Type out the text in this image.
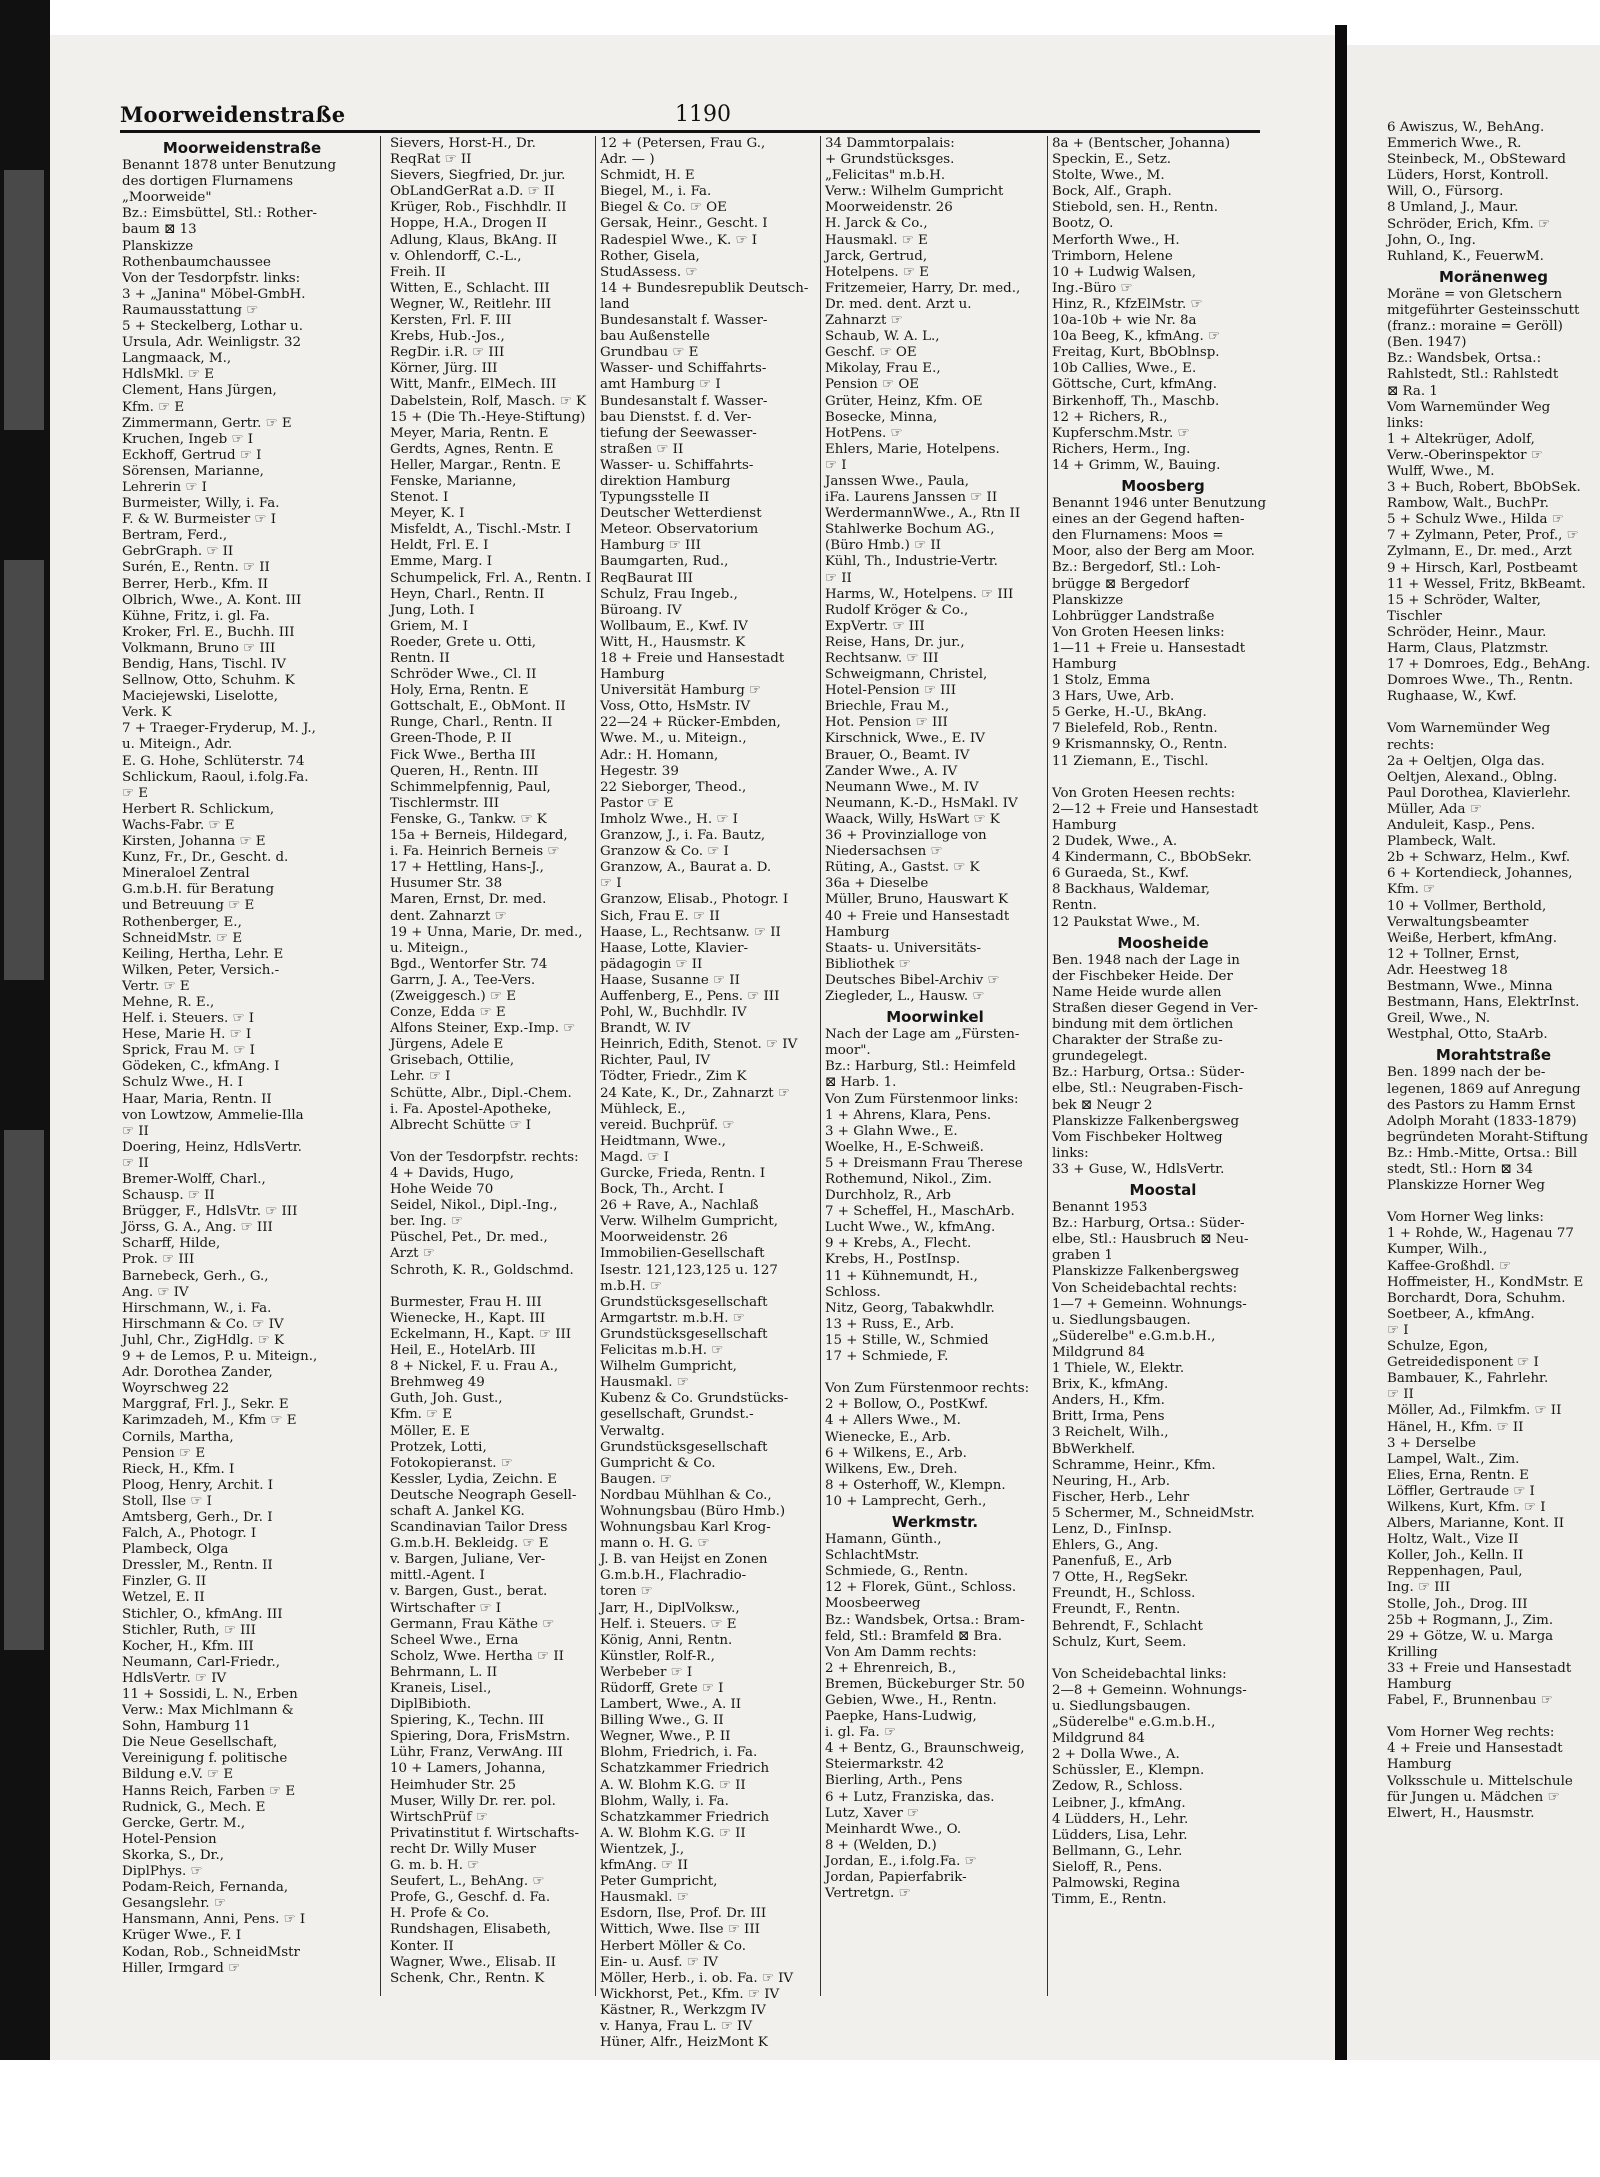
Moorweidenstraße	1190
Moorweidenstraße
Benannt 1878 unter Benutzung
des dortigen Flurnamens
„Moorweide"
Bz.: Eimsbüttel, Stl.: Rother-
baum ⊠ 13
Planskizze
Rothenbaumchaussee
Von der Tesdorpfstr. links:
3 + „Janina" Möbel-GmbH.
Raumausstattung ☞
5 + Steckelberg, Lothar u.
Ursula, Adr. Weinligstr. 32
Langmaack, M.,
HdlsMkl. ☞ E
Clement, Hans Jürgen,
Kfm. ☞ E
Zimmermann, Gertr. ☞ E
Kruchen, Ingeb ☞ I
Eckhoff, Gertrud ☞ I
Sörensen, Marianne,
Lehrerin ☞ I
Burmeister, Willy, i. Fa.
F. & W. Burmeister ☞ I
Bertram, Ferd.,
GebrGraph. ☞ II
Surén, E., Rentn. ☞ II
Berrer, Herb., Kfm. II
Olbrich, Wwe., A. Kont. III
Kühne, Fritz, i. gl. Fa.
Kroker, Frl. E., Buchh. III
Volkmann, Bruno ☞ III
Bendig, Hans, Tischl. IV
Sellnow, Otto, Schuhm. K
Maciejewski, Liselotte,
Verk. K
7 + Traeger-Fryderup, M. J.,
u. Miteign., Adr.
E. G. Hohe, Schlüterstr. 74
Schlickum, Raoul, i.folg.Fa.
☞ E
Herbert R. Schlickum,
Wachs-Fabr. ☞ E
Kirsten, Johanna ☞ E
Kunz, Fr., Dr., Gescht. d.
Mineraloel Zentral
G.m.b.H. für Beratung
und Betreuung ☞ E
Rothenberger, E.,
SchneidMstr. ☞ E
Keiling, Hertha, Lehr. E
Wilken, Peter, Versich.-
Vertr. ☞ E
Mehne, R. E.,
Helf. i. Steuers. ☞ I
Hese, Marie H. ☞ I
Sprick, Frau M. ☞ I
Gödeken, C., kfmAng. I
Schulz Wwe., H. I
Haar, Maria, Rentn. II
von Lowtzow, Ammelie-Illa
☞ II
Doering, Heinz, HdlsVertr.
☞ II
Bremer-Wolff, Charl.,
Schausp. ☞ II
Brügger, F., HdlsVtr. ☞ III
Jörss, G. A., Ang. ☞ III
Scharff, Hilde,
Prok. ☞ III
Barnebeck, Gerh., G.,
Ang. ☞ IV
Hirschmann, W., i. Fa.
Hirschmann & Co. ☞ IV
Juhl, Chr., ZigHdlg. ☞ K
9 + de Lemos, P. u. Miteign.,
Adr. Dorothea Zander,
Woyrschweg 22
Marggraf, Frl. J., Sekr. E
Karimzadeh, M., Kfm ☞ E
Cornils, Martha,
Pension ☞ E
Rieck, H., Kfm. I
Ploog, Henry, Archit. I
Stoll, Ilse ☞ I
Amtsberg, Gerh., Dr. I
Falch, A., Photogr. I
Plambeck, Olga
Dressler, M., Rentn. II
Finzler, G. II
Wetzel, E. II
Stichler, O., kfmAng. III
Stichler, Ruth, ☞ III
Kocher, H., Kfm. III
Neumann, Carl-Friedr.,
HdlsVertr. ☞ IV
11 + Sossidi, L. N., Erben
Verw.: Max Michlmann &
Sohn, Hamburg 11
Die Neue Gesellschaft,
Vereinigung f. politische
Bildung e.V. ☞ E
Hanns Reich, Farben ☞ E
Rudnick, G., Mech. E
Gercke, Gertr. M.,
Hotel-Pension
Skorka, S., Dr.,
DiplPhys. ☞
Podam-Reich, Fernanda,
Gesangslehr. ☞
Hansmann, Anni, Pens. ☞ I
Krüger Wwe., F. I
Kodan, Rob., SchneidMstr
Hiller, Irmgard ☞
Sievers, Horst-H., Dr.
ReqRat ☞ II
Sievers, Siegfried, Dr. jur.
ObLandGerRat a.D. ☞ II
Krüger, Rob., Fischhdlr. II
Hoppe, H.A., Drogen II
Adlung, Klaus, BkAng. II
v. Ohlendorff, C.-L.,
Freih. II
Witten, E., Schlacht. III
Wegner, W., Reitlehr. III
Kersten, Frl. F. III
Krebs, Hub.-Jos.,
RegDir. i.R. ☞ III
Körner, Jürg. III
Witt, Manfr., ElMech. III
Dabelstein, Rolf, Masch. ☞ K
15 + (Die Th.-Heye-Stiftung)
Meyer, Maria, Rentn. E
Gerdts, Agnes, Rentn. E
Heller, Margar., Rentn. E
Fenske, Marianne,
Stenot. I
Meyer, K. I
Misfeldt, A., Tischl.-Mstr. I
Heldt, Frl. E. I
Emme, Marg. I
Schumpelick, Frl. A., Rentn. I
Heyn, Charl., Rentn. II
Jung, Loth. I
Griem, M. I
Roeder, Grete u. Otti,
Rentn. II
Schröder Wwe., Cl. II
Holy, Erna, Rentn. E
Gottschalt, E., ObMont. II
Runge, Charl., Rentn. II
Green-Thode, P. II
Fick Wwe., Bertha III
Queren, H., Rentn. III
Schimmelpfennig, Paul,
Tischlermstr. III
Fenske, G., Tankw. ☞ K
15a + Berneis, Hildegard,
i. Fa. Heinrich Berneis ☞
17 + Hettling, Hans-J.,
Husumer Str. 38
Maren, Ernst, Dr. med.
dent. Zahnarzt ☞
19 + Unna, Marie, Dr. med.,
u. Miteign.,
Bgd., Wentorfer Str. 74
Garrn, J. A., Tee-Vers.
(Zweiggesch.) ☞ E
Conze, Edda ☞ E
Alfons Steiner, Exp.-Imp. ☞
Jürgens, Adele E
Grisebach, Ottilie,
Lehr. ☞ I
Schütte, Albr., Dipl.-Chem.
i. Fa. Apostel-Apotheke,
Albrecht Schütte ☞ I

Von der Tesdorpfstr. rechts:
4 + Davids, Hugo,
Hohe Weide 70
Seidel, Nikol., Dipl.-Ing.,
ber. Ing. ☞
Püschel, Pet., Dr. med.,
Arzt ☞
Schroth, K. R., Goldschmd.

Burmester, Frau H. III
Wienecke, H., Kapt. III
Eckelmann, H., Kapt. ☞ III
Heil, E., HotelArb. III
8 + Nickel, F. u. Frau A.,
Brehmweg 49
Guth, Joh. Gust.,
Kfm. ☞ E
Möller, E. E
Protzek, Lotti,
Fotokopieranst. ☞
Kessler, Lydia, Zeichn. E
Deutsche Neograph Gesell-
schaft A. Jankel KG.
Scandinavian Tailor Dress
G.m.b.H. Bekleidg. ☞ E
v. Bargen, Juliane, Ver-
mittl.-Agent. I
v. Bargen, Gust., berat.
Wirtschafter ☞ I
Germann, Frau Käthe ☞
Scheel Wwe., Erna
Scholz, Wwe. Hertha ☞ II
Behrmann, L. II
Kraneis, Lisel.,
DiplBibioth.
Spiering, K., Techn. III
Spiering, Dora, FrisMstrn.
Lühr, Franz, VerwAng. III
10 + Lamers, Johanna,
Heimhuder Str. 25
Muser, Willy Dr. rer. pol.
WirtschPrüf ☞
Privatinstitut f. Wirtschafts-
recht Dr. Willy Muser
G. m. b. H. ☞
Seufert, L., BehAng. ☞
Profe, G., Geschf. d. Fa.
H. Profe & Co.
Rundshagen, Elisabeth,
Konter. II
Wagner, Wwe., Elisab. II
Schenk, Chr., Rentn. K
12 + (Petersen, Frau G.,
Adr. — )
Schmidt, H. E
Biegel, M., i. Fa.
Biegel & Co. ☞ OE
Gersak, Heinr., Gescht. I
Radespiel Wwe., K. ☞ I
Rother, Gisela,
StudAssess. ☞
14 + Bundesrepublik Deutsch-
land
Bundesanstalt f. Wasser-
bau Außenstelle
Grundbau ☞ E
Wasser- und Schiffahrts-
amt Hamburg ☞ I
Bundesanstalt f. Wasser-
bau Dienstst. f. d. Ver-
tiefung der Seewasser-
straßen ☞ II
Wasser- u. Schiffahrts-
direktion Hamburg
Typungsstelle II
Deutscher Wetterdienst
Meteor. Observatorium
Hamburg ☞ III
Baumgarten, Rud.,
ReqBaurat III
Schulz, Frau Ingeb.,
Büroang. IV
Wollbaum, E., Kwf. IV
Witt, H., Hausmstr. K
18 + Freie und Hansestadt
Hamburg
Universität Hamburg ☞
Voss, Otto, HsMstr. IV
22—24 + Rücker-Embden,
Wwe. M., u. Miteign.,
Adr.: H. Homann,
Hegestr. 39
22 Sieborger, Theod.,
Pastor ☞ E
Imholz Wwe., H. ☞ I
Granzow, J., i. Fa. Bautz,
Granzow & Co. ☞ I
Granzow, A., Baurat a. D.
☞ I
Granzow, Elisab., Photogr. I
Sich, Frau E. ☞ II
Haase, L., Rechtsanw. ☞ II
Haase, Lotte, Klavier-
pädagogin ☞ II
Haase, Susanne ☞ II
Auffenberg, E., Pens. ☞ III
Pohl, W., Buchhdlr. IV
Brandt, W. IV
Heinrich, Edith, Stenot. ☞ IV
Richter, Paul, IV
Tödter, Friedr., Zim K
24 Kate, K., Dr., Zahnarzt ☞
Mühleck, E.,
vereid. Buchprüf. ☞
Heidtmann, Wwe.,
Magd. ☞ I
Gurcke, Frieda, Rentn. I
Bock, Th., Archt. I
26 + Rave, A., Nachlaß
Verw. Wilhelm Gumpricht,
Moorweidenstr. 26
Immobilien-Gesellschaft
Isestr. 121,123,125 u. 127
m.b.H. ☞
Grundstücksgesellschaft
Armgartstr. m.b.H. ☞
Grundstücksgesellschaft
Felicitas m.b.H. ☞
Wilhelm Gumpricht,
Hausmakl. ☞
Kubenz & Co. Grundstücks-
gesellschaft, Grundst.-
Verwaltg.
Grundstücksgesellschaft
Gumpricht & Co.
Baugen. ☞
Nordbau Mühlhan & Co.,
Wohnungsbau (Büro Hmb.)
Wohnungsbau Karl Krog-
mann o. H. G. ☞
J. B. van Heijst en Zonen
G.m.b.H., Flachradio-
toren ☞
Jarr, H., DiplVolksw.,
Helf. i. Steuers. ☞ E
König, Anni, Rentn.
Künstler, Rolf-R.,
Werbeber ☞ I
Rüdorff, Grete ☞ I
Lambert, Wwe., A. II
Billing Wwe., G. II
Wegner, Wwe., P. II
Blohm, Friedrich, i. Fa.
Schatzkammer Friedrich
A. W. Blohm K.G. ☞ II
Blohm, Wally, i. Fa.
Schatzkammer Friedrich
A. W. Blohm K.G. ☞ II
Wientzek, J.,
kfmAng. ☞ II
Peter Gumpricht,
Hausmakl. ☞
Esdorn, Ilse, Prof. Dr. III
Wittich, Wwe. Ilse ☞ III
Herbert Möller & Co.
Ein- u. Ausf. ☞ IV
Möller, Herb., i. ob. Fa. ☞ IV
Wickhorst, Pet., Kfm. ☞ IV
Kästner, R., Werkzgm IV
v. Hanya, Frau L. ☞ IV
Hüner, Alfr., HeizMont K
34 Dammtorpalais:
+ Grundstücksges.
„Felicitas" m.b.H.
Verw.: Wilhelm Gumpricht
Moorweidenstr. 26
H. Jarck & Co.,
Hausmakl. ☞ E
Jarck, Gertrud,
Hotelpens. ☞ E
Fritzemeier, Harry, Dr. med.,
Dr. med. dent. Arzt u.
Zahnarzt ☞
Schaub, W. A. L.,
Geschf. ☞ OE
Mikolay, Frau E.,
Pension ☞ OE
Grüter, Heinz, Kfm. OE
Bosecke, Minna,
HotPens. ☞
Ehlers, Marie, Hotelpens.
☞ I
Janssen Wwe., Paula,
iFa. Laurens Janssen ☞ II
WerdermannWwe., A., Rtn II
Stahlwerke Bochum AG.,
(Büro Hmb.) ☞ II
Kühl, Th., Industrie-Vertr.
☞ II
Harms, W., Hotelpens. ☞ III
Rudolf Kröger & Co.,
ExpVertr. ☞ III
Reise, Hans, Dr. jur.,
Rechtsanw. ☞ III
Schweigmann, Christel,
Hotel-Pension ☞ III
Briechle, Frau M.,
Hot. Pension ☞ III
Kirschnick, Wwe., E. IV
Brauer, O., Beamt. IV
Zander Wwe., A. IV
Neumann Wwe., M. IV
Neumann, K.-D., HsMakl. IV
Waack, Willy, HsWart ☞ K
36 + Provinzialloge von
Niedersachsen ☞
Rüting, A., Gastst. ☞ K
36a + Dieselbe
Müller, Bruno, Hauswart K
40 + Freie und Hansestadt
Hamburg
Staats- u. Universitäts-
Bibliothek ☞
Deutsches Bibel-Archiv ☞
Ziegleder, L., Hausw. ☞
Moorwinkel
Nach der Lage am „Fürsten-
moor".
Bz.: Harburg, Stl.: Heimfeld
⊠ Harb. 1.
Von Zum Fürstenmoor links:
1 + Ahrens, Klara, Pens.
3 + Glahn Wwe., E.
Woelke, H., E-Schweiß.
5 + Dreismann Frau Therese
Rothemund, Nikol., Zim.
Durchholz, R., Arb
7 + Scheffel, H., MaschArb.
Lucht Wwe., W., kfmAng.
9 + Krebs, A., Flecht.
Krebs, H., PostInsp.
11 + Kühnemundt, H.,
Schloss.
Nitz, Georg, Tabakwhdlr.
13 + Russ, E., Arb.
15 + Stille, W., Schmied
17 + Schmiede, F.

Von Zum Fürstenmoor rechts:
2 + Bollow, O., PostKwf.
4 + Allers Wwe., M.
Wienecke, E., Arb.
6 + Wilkens, E., Arb.
Wilkens, Ew., Dreh.
8 + Osterhoff, W., Klempn.
10 + Lamprecht, Gerh.,
Werkmstr.
Hamann, Günth.,
SchlachtMstr.
Schmiede, G., Rentn.
12 + Florek, Günt., Schloss.
Moosbeerweg
Bz.: Wandsbek, Ortsa.: Bram-
feld, Stl.: Bramfeld ⊠ Bra.
Von Am Damm rechts:
2 + Ehrenreich, B.,
Bremen, Bückeburger Str. 50
Gebien, Wwe., H., Rentn.
Paepke, Hans-Ludwig,
i. gl. Fa. ☞
4 + Bentz, G., Braunschweig,
Steiermarkstr. 42
Bierling, Arth., Pens
6 + Lutz, Franziska, das.
Lutz, Xaver ☞
Meinhardt Wwe., O.
8 + (Welden, D.)
Jordan, E., i.folg.Fa. ☞
Jordan, Papierfabrik-
Vertretgn. ☞
8a + (Bentscher, Johanna)
Speckin, E., Setz.
Stolte, Wwe., M.
Bock, Alf., Graph.
Stiebold, sen. H., Rentn.
Bootz, O.
Merforth Wwe., H.
Trimborn, Helene
10 + Ludwig Walsen,
Ing.-Büro ☞
Hinz, R., KfzElMstr. ☞
10a-10b + wie Nr. 8a
10a Beeg, K., kfmAng. ☞
Freitag, Kurt, BbOblnsp.
10b Callies, Wwe., E.
Göttsche, Curt, kfmAng.
Birkenhoff, Th., Maschb.
12 + Richers, R.,
Kupferschm.Mstr. ☞
Richers, Herm., Ing.
14 + Grimm, W., Bauing.
Moosberg
Benannt 1946 unter Benutzung
eines an der Gegend haften-
den Flurnamens: Moos =
Moor, also der Berg am Moor.
Bz.: Bergedorf, Stl.: Loh-
brügge ⊠ Bergedorf
Planskizze
Lohbrügger Landstraße
Von Groten Heesen links:
1—11 + Freie u. Hansestadt
Hamburg
1 Stolz, Emma
3 Hars, Uwe, Arb.
5 Gerke, H.-U., BkAng.
7 Bielefeld, Rob., Rentn.
9 Krismannsky, O., Rentn.
11 Ziemann, E., Tischl.

Von Groten Heesen rechts:
2—12 + Freie und Hansestadt
Hamburg
2 Dudek, Wwe., A.
4 Kindermann, C., BbObSekr.
6 Guraeda, St., Kwf.
8 Backhaus, Waldemar,
Rentn.
12 Paukstat Wwe., M.
Moosheide
Ben. 1948 nach der Lage in
der Fischbeker Heide. Der
Name Heide wurde allen
Straßen dieser Gegend in Ver-
bindung mit dem örtlichen
Charakter der Straße zu-
grundegelegt.
Bz.: Harburg, Ortsa.: Süder-
elbe, Stl.: Neugraben-Fisch-
bek ⊠ Neugr 2
Planskizze Falkenbergsweg
Vom Fischbeker Holtweg
links:
33 + Guse, W., HdlsVertr.
Moostal
Benannt 1953
Bz.: Harburg, Ortsa.: Süder-
elbe, Stl.: Hausbruch ⊠ Neu-
graben 1
Planskizze Falkenbergsweg
Von Scheidebachtal rechts:
1—7 + Gemeinn. Wohnungs-
u. Siedlungsbaugen.
„Süderelbe" e.G.m.b.H.,
Mildgrund 84
1 Thiele, W., Elektr.
Brix, K., kfmAng.
Anders, H., Kfm.
Britt, Irma, Pens
3 Reichelt, Wilh.,
BbWerkhelf.
Schramme, Heinr., Kfm.
Neuring, H., Arb.
Fischer, Herb., Lehr
5 Schermer, M., SchneidMstr.
Lenz, D., FinInsp.
Ehlers, G., Ang.
Panenfuß, E., Arb
7 Otte, H., RegSekr.
Freundt, H., Schloss.
Freundt, F., Rentn.
Behrendt, F., Schlacht
Schulz, Kurt, Seem.

Von Scheidebachtal links:
2—8 + Gemeinn. Wohnungs-
u. Siedlungsbaugen.
„Süderelbe" e.G.m.b.H.,
Mildgrund 84
2 + Dolla Wwe., A.
Schüssler, E., Klempn.
Zedow, R., Schloss.
Leibner, J., kfmAng.
4 Lüdders, H., Lehr.
Lüdders, Lisa, Lehr.
Bellmann, G., Lehr.
Sieloff, R., Pens.
Palmowski, Regina
Timm, E., Rentn.
6 Awiszus, W., BehAng.
Emmerich Wwe., R.
Steinbeck, M., ObSteward
Lüders, Horst, Kontroll.
Will, O., Fürsorg.
8 Umland, J., Maur.
Schröder, Erich, Kfm. ☞
John, O., Ing.
Ruhland, K., FeuerwM.
Moränenweg
Moräne = von Gletschern
mitgeführter Gesteinsschutt
(franz.: moraine = Geröll)
(Ben. 1947)
Bz.: Wandsbek, Ortsa.:
Rahlstedt, Stl.: Rahlstedt
⊠ Ra. 1
Vom Warnemünder Weg
links:
1 + Altekrüger, Adolf,
Verw.-Oberinspektor ☞
Wulff, Wwe., M.
3 + Buch, Robert, BbObSek.
Rambow, Walt., BuchPr.
5 + Schulz Wwe., Hilda ☞
7 + Zylmann, Peter, Prof., ☞
Zylmann, E., Dr. med., Arzt
9 + Hirsch, Karl, Postbeamt
11 + Wessel, Fritz, BkBeamt.
15 + Schröder, Walter,
Tischler
Schröder, Heinr., Maur.
Harm, Claus, Platzmstr.
17 + Domroes, Edg., BehAng.
Domroes Wwe., Th., Rentn.
Rughaase, W., Kwf.

Vom Warnemünder Weg
rechts:
2a + Oeltjen, Olga das.
Oeltjen, Alexand., Oblng.
Paul Dorothea, Klavierlehr.
Müller, Ada ☞
Anduleit, Kasp., Pens.
Plambeck, Walt.
2b + Schwarz, Helm., Kwf.
6 + Kortendieck, Johannes,
Kfm. ☞
10 + Vollmer, Berthold,
Verwaltungsbeamter
Weiße, Herbert, kfmAng.
12 + Tollner, Ernst,
Adr. Heestweg 18
Bestmann, Wwe., Minna
Bestmann, Hans, ElektrInst.
Greil, Wwe., N.
Westphal, Otto, StaArb.
Morahtstraße
Ben. 1899 nach der be-
legenen, 1869 auf Anregung
des Pastors zu Hamm Ernst
Adolph Moraht (1833-1879)
begründeten Moraht-Stiftung
Bz.: Hmb.-Mitte, Ortsa.: Bill
stedt, Stl.: Horn ⊠ 34
Planskizze Horner Weg

Vom Horner Weg links:
1 + Rohde, W., Hagenau 77
Kumper, Wilh.,
Kaffee-Großhdl. ☞
Hoffmeister, H., KondMstr. E
Borchardt, Dora, Schuhm.
Soetbeer, A., kfmAng.
☞ I
Schulze, Egon,
Getreidedisponent ☞ I
Bambauer, K., Fahrlehr.
☞ II
Möller, Ad., Filmkfm. ☞ II
Hänel, H., Kfm. ☞ II
3 + Derselbe
Lampel, Walt., Zim.
Elies, Erna, Rentn. E
Löffler, Gertraude ☞ I
Wilkens, Kurt, Kfm. ☞ I
Albers, Marianne, Kont. II
Holtz, Walt., Vize II
Koller, Joh., Kelln. II
Reppenhagen, Paul,
Ing. ☞ III
Stolle, Joh., Drog. III
25b + Rogmann, J., Zim.
29 + Götze, W. u. Marga
Krilling
33 + Freie und Hansestadt
Hamburg
Fabel, F., Brunnenbau ☞

Vom Horner Weg rechts:
4 + Freie und Hansestadt
Hamburg
Volksschule u. Mittelschule
für Jungen u. Mädchen ☞
Elwert, H., Hausmstr.
